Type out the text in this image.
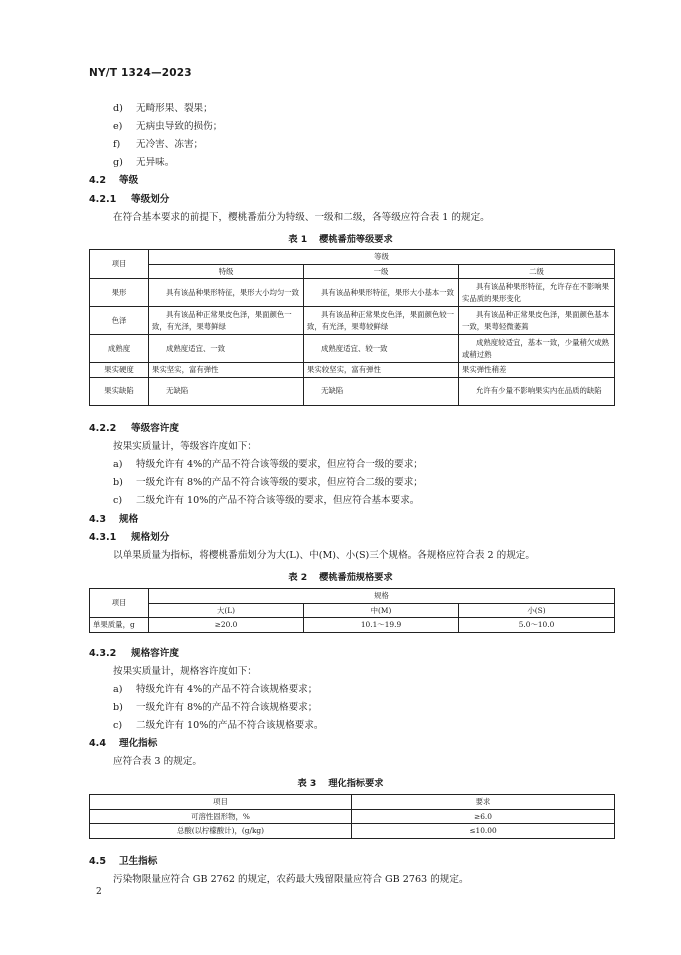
NY/T 1324—2023
d) 无畸形果、裂果；
e) 无病虫导致的损伤；
f) 无冷害、冻害；
g) 无异味。
4.2 等级
4.2.1 等级划分
在符合基本要求的前提下，樱桃番茄分为特级、一级和二级，各等级应符合表 1 的规定。
表 1 樱桃番茄等级要求
项目	等级		
	特级	一级	二级
果形	具有该品种果形特征，果形大小均匀一致	具有该品种果形特征，果形大小基本一致	具有该品种果形特征，允许存在不影响果实品质的果形变化
色泽	具有该品种正常果皮色泽，果面颜色一致，有光泽，果萼鲜绿	具有该品种正常果皮色泽，果面颜色较一致，有光泽，果萼较鲜绿	具有该品种正常果皮色泽，果面颜色基本一致，果萼轻微萎蔫
成熟度	成熟度适宜、一致	成熟度适宜、较一致	成熟度较适宜，基本一致，少量稍欠成熟或稍过熟
果实硬度	果实坚实，富有弹性	果实较坚实，富有弹性	果实弹性稍差
果实缺陷	无缺陷	无缺陷	允许有少量不影响果实内在品质的缺陷
4.2.2 等级容许度
按果实质量计，等级容许度如下：
a) 特级允许有 4%的产品不符合该等级的要求，但应符合一级的要求；
b) 一级允许有 8%的产品不符合该等级的要求，但应符合二级的要求；
c) 二级允许有 10%的产品不符合该等级的要求，但应符合基本要求。
4.3 规格
4.3.1 规格划分
以单果质量为指标，将樱桃番茄划分为大(L)、中(M)、小(S)三个规格。各规格应符合表 2 的规定。
表 2 樱桃番茄规格要求
项目	规格		
	大(L)	中(M)	小(S)
单果质量，g	≥20.0	10.1～19.9	5.0～10.0
4.3.2 规格容许度
按果实质量计，规格容许度如下：
a) 特级允许有 4%的产品不符合该规格要求；
b) 一级允许有 8%的产品不符合该规格要求；
c) 二级允许有 10%的产品不符合该规格要求。
4.4 理化指标
应符合表 3 的规定。
表 3 理化指标要求
项目	要求
可溶性固形物，%	≥6.0
总酸(以柠檬酸计)，(g/kg)	≤10.00
4.5 卫生指标
污染物限量应符合 GB 2762 的规定，农药最大残留限量应符合 GB 2763 的规定。
2
